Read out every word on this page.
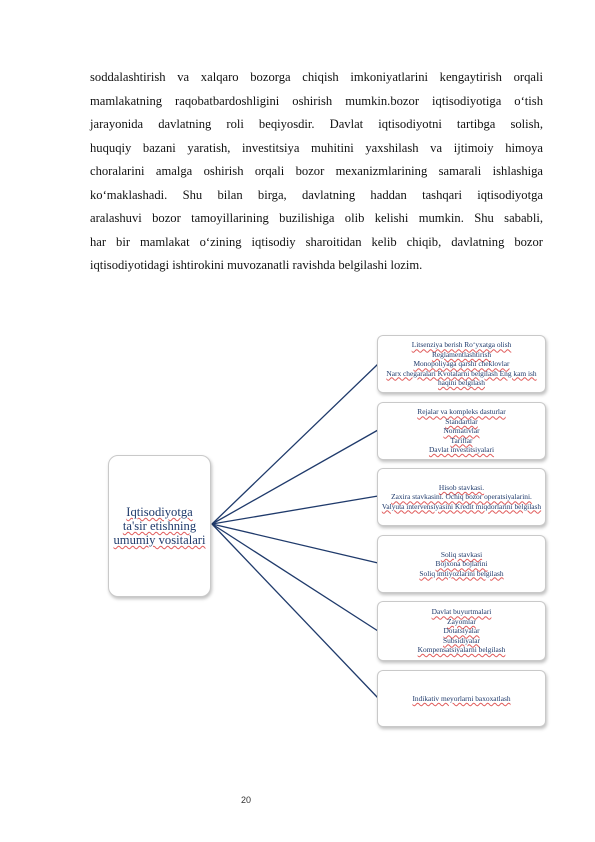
soddalashtirish va xalqaro bozorga chiqish imkoniyatlarini kengaytirish orqali
mamlakatning raqobatbardoshligini oshirish mumkin.bozor iqtisodiyotiga o‘tish
jarayonida davlatning roli beqiyosdir. Davlat iqtisodiyotni tartibga solish,
huquqiy bazani yaratish, investitsiya muhitini yaxshilash va ijtimoiy himoya
choralarini amalga oshirish orqali bozor mexanizmlarining samarali ishlashiga
ko‘maklashadi. Shu bilan birga, davlatning haddan tashqari iqtisodiyotga
aralashuvi bozor tamoyillarining buzilishiga olib kelishi mumkin. Shu sababli,
har bir mamlakat o‘zining iqtisodiy sharoitidan kelib chiqib, davlatning bozor
iqtisodiyotidagi ishtirokini muvozanatli ravishda belgilashi lozim.

Iqtisodiyotga ta'sir etishning umumiy vositalari
Litsenziya berish Ro‘yxatga olish
Reglamentlashtirish
Monopoliyaga qarshi cheklovlar
Narx chegaralari Kvotalarni belgilash Eng kam ish haqini belgilash
Rejalar va kompleks dasturlar
Standartlar
Normativlar
Tariflar
Davlat investitsiyalari
Hisob stavkasi.
Zaxira stavkasini. Ochiq bozor operatsiyalarini.
Valyuta intervensiyasini Kredit miqdorlarini belgilash
Soliq stavkasi
Bojxona bojlarini
Soliq imtiyozlarini belgilash
Davlat buyurtmalari
Zayomlar
Dotatsiyalar
Subsidiyalar
Kompensatsiyalarni belgilash
Indikativ meyorlarni baxoxatlash
20
